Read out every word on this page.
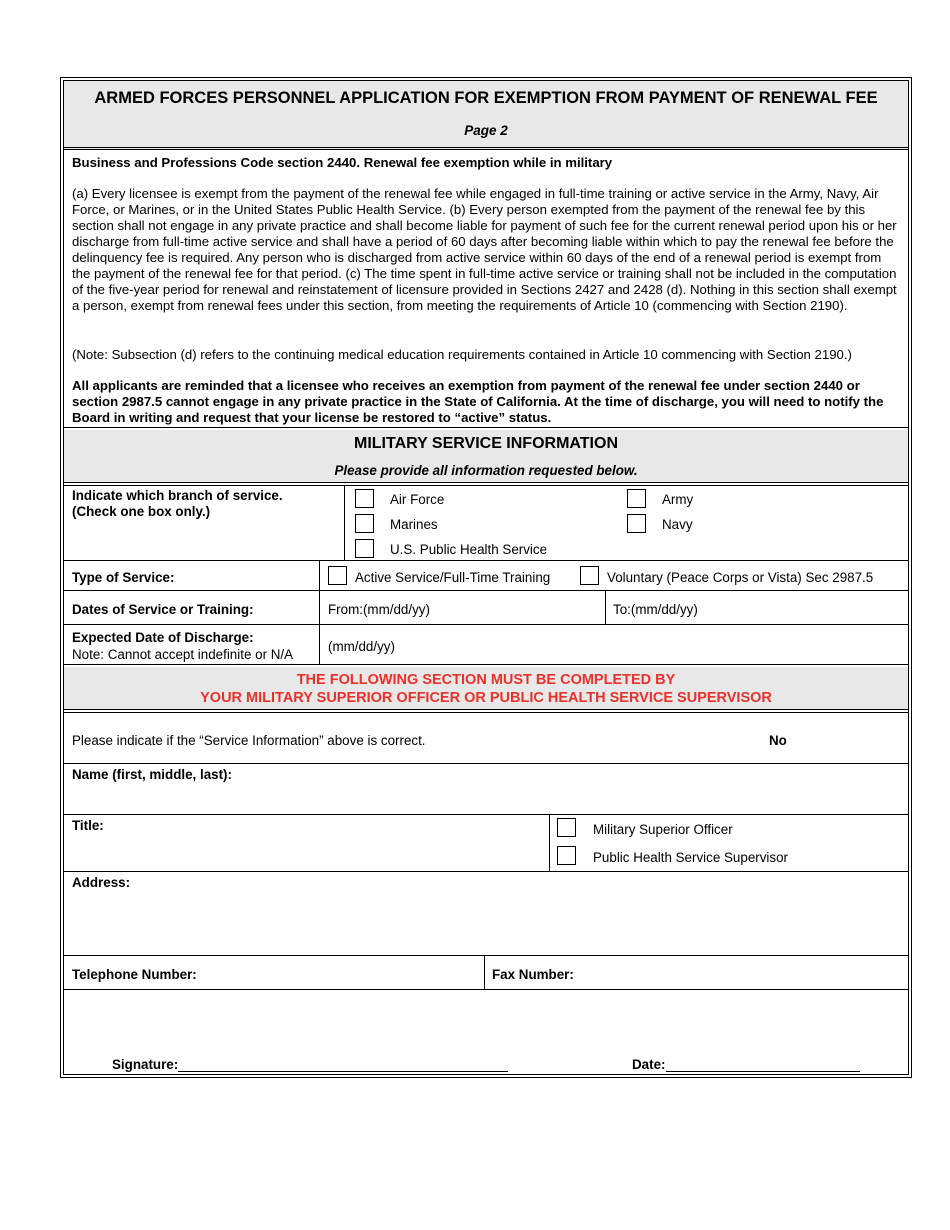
ARMED FORCES PERSONNEL APPLICATION FOR EXEMPTION FROM PAYMENT OF RENEWAL FEE
Page 2
Business and Professions Code section 2440. Renewal fee exemption while in military
(a) Every licensee is exempt from the payment of the renewal fee while engaged in full-time training or active service in the Army, Navy, Air Force, or Marines, or in the United States Public Health Service. (b) Every person exempted from the payment of the renewal fee by this section shall not engage in any private practice and shall become liable for payment of such fee for the current renewal period upon his or her discharge from full-time active service and shall have a period of 60 days after becoming liable within which to pay the renewal fee before the delinquency fee is required. Any person who is discharged from active service within 60 days of the end of a renewal period is exempt from the payment of the renewal fee for that period. (c) The time spent in full-time active service or training shall not be included in the computation of the five-year period for renewal and reinstatement of licensure provided in Sections 2427 and 2428 (d). Nothing in this section shall exempt a person, exempt from renewal fees under this section, from meeting the requirements of Article 10 (commencing with Section 2190).
(Note: Subsection (d) refers to the continuing medical education requirements contained in Article 10 commencing with Section 2190.)
All applicants are reminded that a licensee who receives an exemption from payment of the renewal fee under section 2440 or section 2987.5 cannot engage in any private practice in the State of California. At the time of discharge, you will need to notify the Board in writing and request that your license be restored to “active” status.
MILITARY SERVICE INFORMATION
Please provide all information requested below.
Indicate which branch of service.
(Check one box only.)
Air Force	Army
Marines	Navy
U.S. Public Health Service
Type of Service:	Active Service/Full-Time Training	Voluntary (Peace Corps or Vista) Sec 2987.5
Dates of Service or Training:	From:(mm/dd/yy)	To:(mm/dd/yy)
Expected Date of Discharge:
Note: Cannot accept indefinite or N/A
(mm/dd/yy)
THE FOLLOWING SECTION MUST BE COMPLETED BY
YOUR MILITARY SUPERIOR OFFICER OR PUBLIC HEALTH SERVICE SUPERVISOR
Please indicate if the “Service Information” above is correct.	No
Name (first, middle, last):
Title:	Military Superior Officer
Public Health Service Supervisor
Address:
Telephone Number:	Fax Number:
Signature:	Date:
